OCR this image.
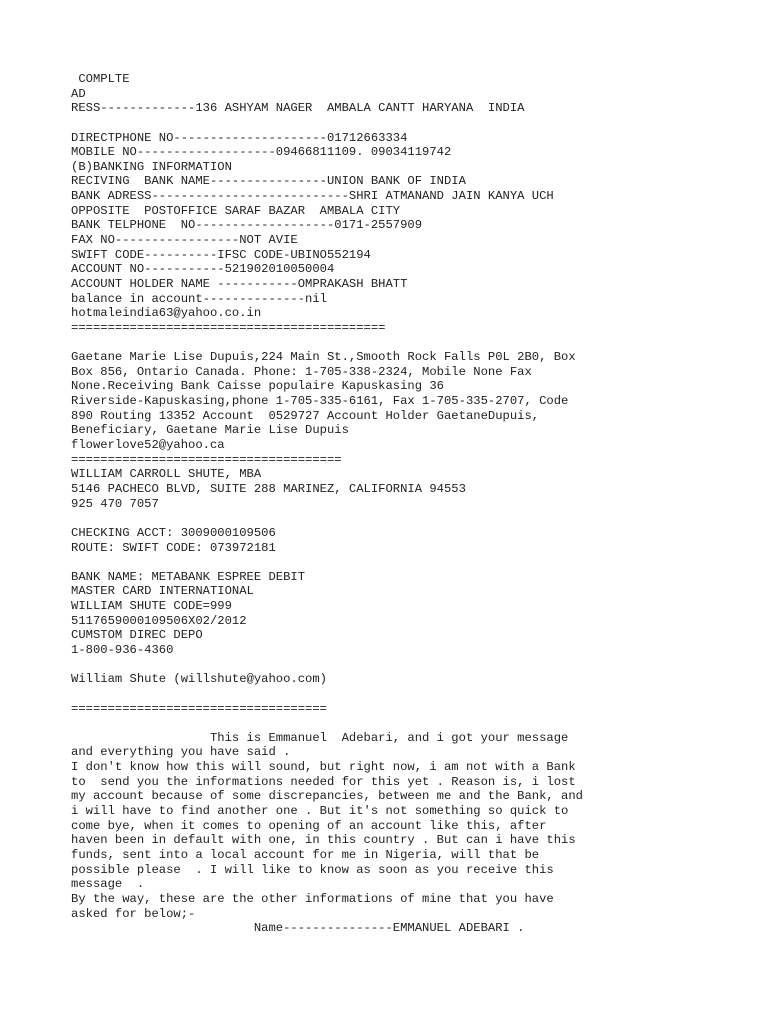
COMPLTE
AD
RESS-------------136 ASHYAM NAGER  AMBALA CANTT HARYANA  INDIA
DIRECTPHONE NO---------------------01712663334
MOBILE NO-------------------09466811109. 09034119742
(B)BANKING INFORMATION
RECIVING  BANK NAME----------------UNION BANK OF INDIA
BANK ADRESS---------------------------SHRI ATMANAND JAIN KANYA UCH
OPPOSITE  POSTOFFICE SARAF BAZAR  AMBALA CITY
BANK TELPHONE  NO-------------------0171-2557909
FAX NO-----------------NOT AVIE
SWIFT CODE----------IFSC CODE-UBINO552194
ACCOUNT NO-----------521902010050004
ACCOUNT HOLDER NAME -----------OMPRAKASH BHATT
balance in account--------------nil
hotmaleindia63@yahoo.co.in
===========================================
Gaetane Marie Lise Dupuis,224 Main St.,Smooth Rock Falls P0L 2B0, Box
Box 856, Ontario Canada. Phone: 1-705-338-2324, Mobile None Fax
None.Receiving Bank Caisse populaire Kapuskasing 36
Riverside-Kapuskasing,phone 1-705-335-6161, Fax 1-705-335-2707, Code
890 Routing 13352 Account  0529727 Account Holder GaetaneDupuis,
Beneficiary, Gaetane Marie Lise Dupuis
flowerlove52@yahoo.ca
=====================================
WILLIAM CARROLL SHUTE, MBA
5146 PACHECO BLVD, SUITE 288 MARINEZ, CALIFORNIA 94553
925 470 7057
CHECKING ACCT: 3009000109506
ROUTE: SWIFT CODE: 073972181
BANK NAME: METABANK ESPREE DEBIT
MASTER CARD INTERNATIONAL
WILLIAM SHUTE CODE=999
5117659000109506X02/2012
CUMSTOM DIREC DEPO
1-800-936-4360
William Shute (willshute@yahoo.com)
===================================
This is Emmanuel  Adebari, and i got your message
and everything you have said .
I don't know how this will sound, but right now, i am not with a Bank
to  send you the informations needed for this yet . Reason is, i lost
my account because of some discrepancies, between me and the Bank, and
i will have to find another one . But it's not something so quick to
come bye, when it comes to opening of an account like this, after
haven been in default with one, in this country . But can i have this
funds, sent into a local account for me in Nigeria, will that be
possible please  . I will like to know as soon as you receive this
message  .
By the way, these are the other informations of mine that you have
asked for below;-
Name---------------EMMANUEL ADEBARI .
